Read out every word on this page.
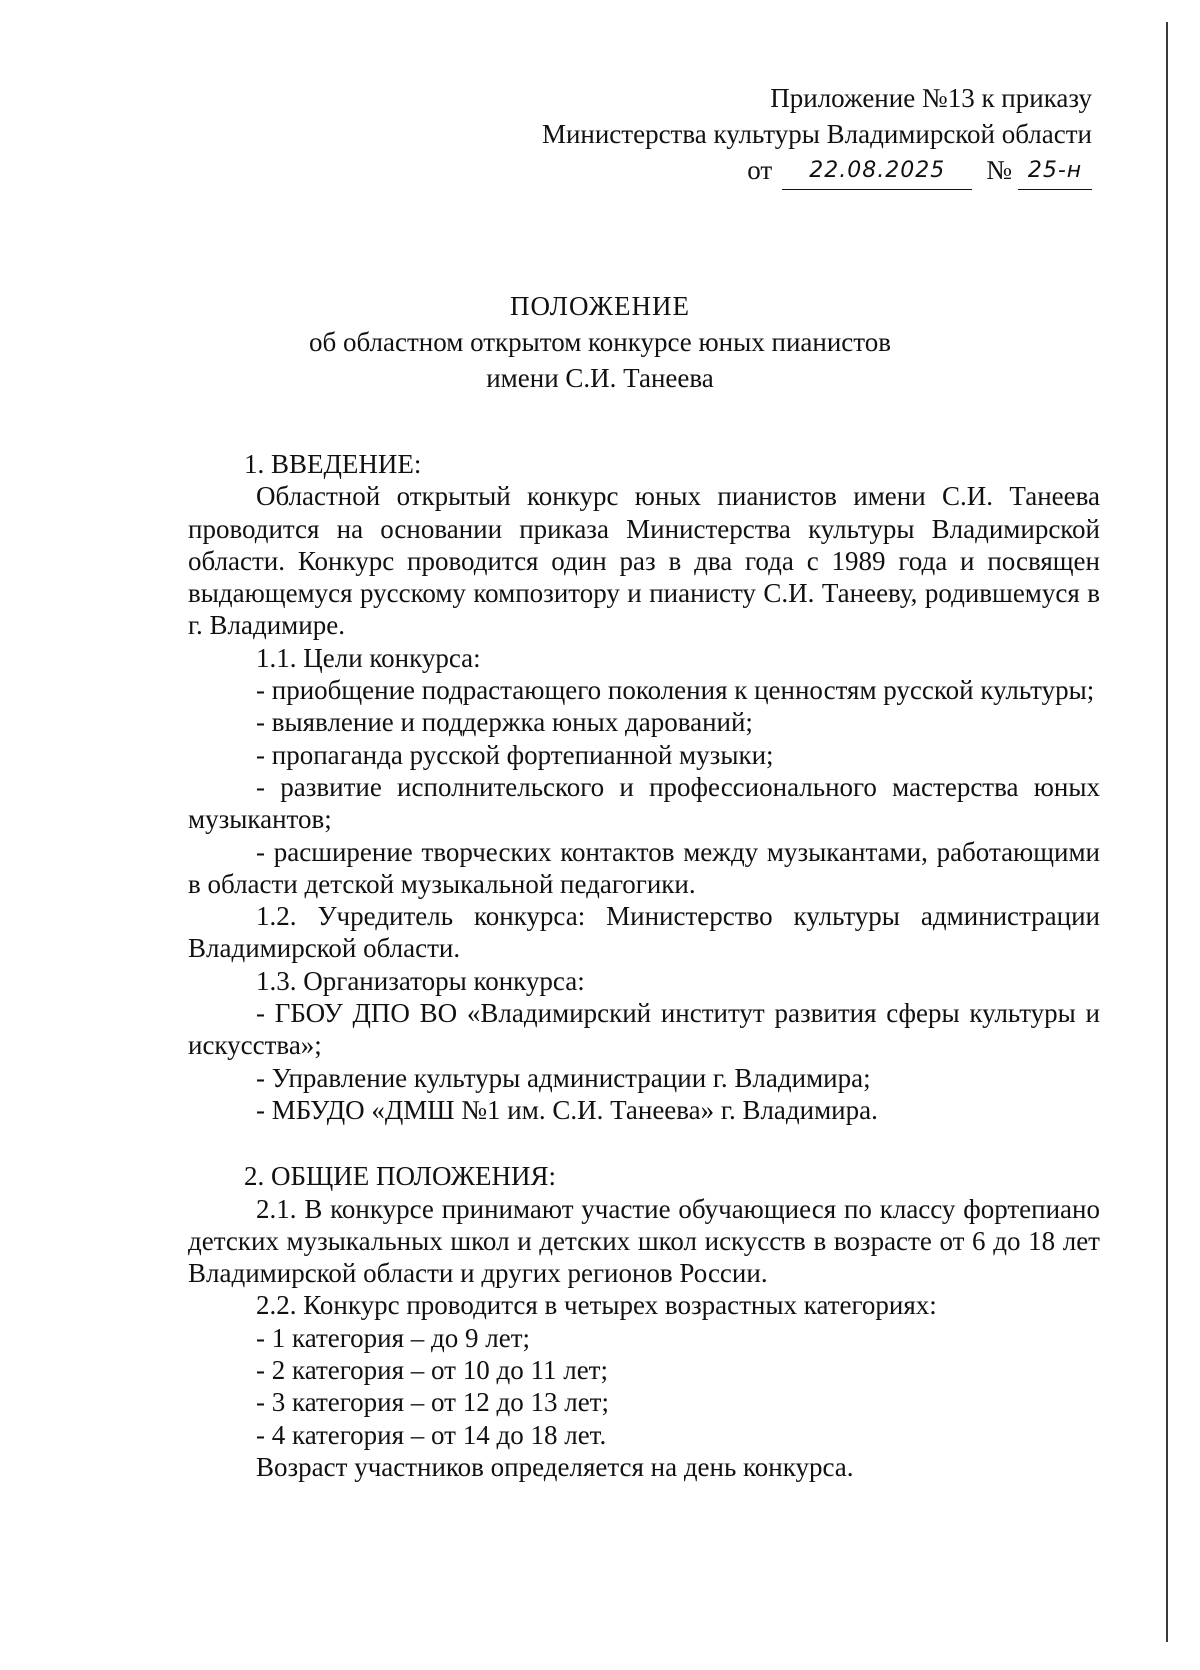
Приложение №13 к приказу
Министерства культуры Владимирской области
от 22.08.2025 № 25-н
ПОЛОЖЕНИЕ
об областном открытом конкурсе юных пианистов
имени С.И. Танеева

1. ВВЕДЕНИЕ:

Областной открытый конкурс юных пианистов имени С.И. Танеева проводится на основании приказа Министерства культуры Владимирской области. Конкурс проводится один раз в два года с 1989 года и посвящен выдающемуся русскому композитору и пианисту С.И. Танееву, родившемуся в г. Владимире.

1.1. Цели конкурса:

- приобщение подрастающего поколения к ценностям русской культуры;

- выявление и поддержка юных дарований;

- пропаганда русской фортепианной музыки;

- развитие исполнительского и профессионального мастерства юных музыкантов;

- расширение творческих контактов между музыкантами, работающими в области детской музыкальной педагогики.

1.2. Учредитель конкурса: Министерство культуры администрации Владимирской области.

1.3. Организаторы конкурса:

- ГБОУ ДПО ВО «Владимирский институт развития сферы культуры и искусства»;

- Управление культуры администрации г. Владимира;

- МБУДО «ДМШ №1 им. С.И. Танеева» г. Владимира.

2. ОБЩИЕ ПОЛОЖЕНИЯ:

2.1. В конкурсе принимают участие обучающиеся по классу фортепиано детских музыкальных школ и детских школ искусств в возрасте от 6 до 18 лет Владимирской области и других регионов России.

2.2. Конкурс проводится в четырех возрастных категориях:

- 1 категория – до 9 лет;

- 2 категория – от 10 до 11 лет;

- 3 категория – от 12 до 13 лет;

- 4 категория – от 14 до 18 лет.

Возраст участников определяется на день конкурса.
